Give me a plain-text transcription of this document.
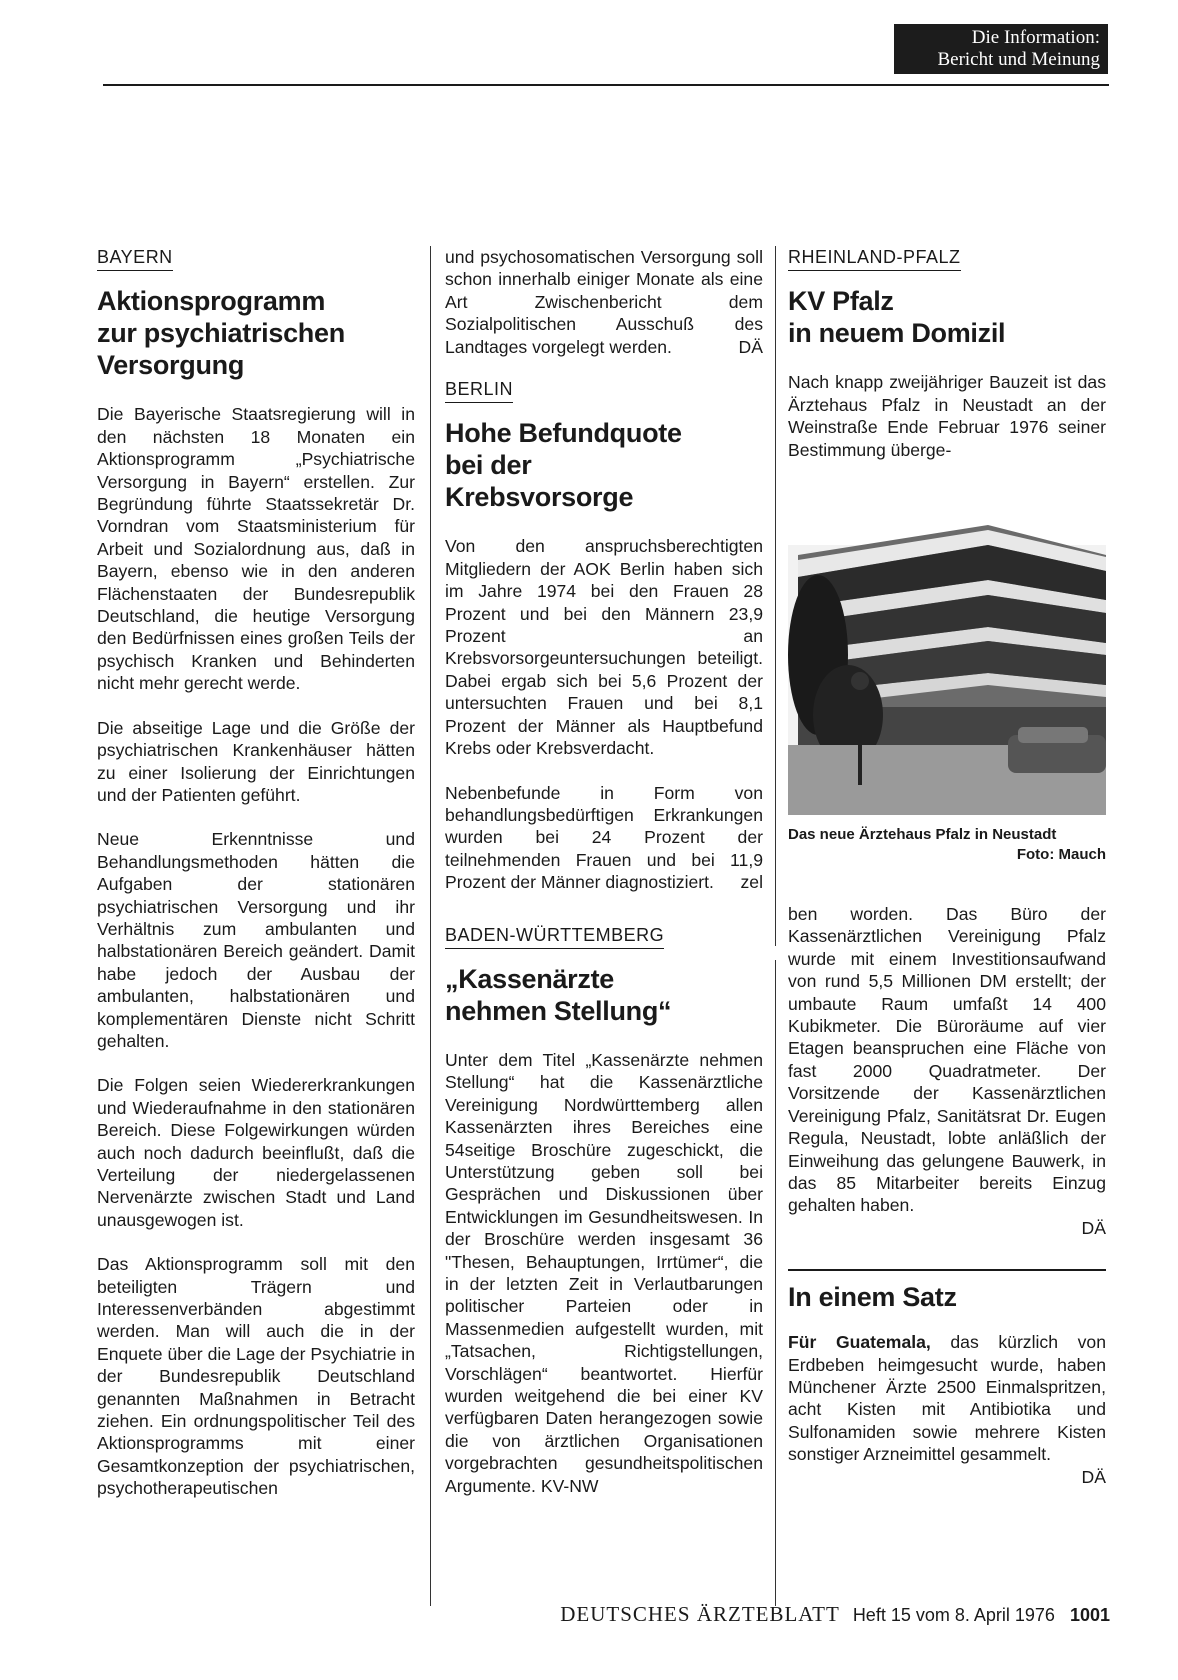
Die Information:
Bericht und Meinung
BAYERN
Aktionsprogramm
zur psychiatrischen
Versorgung

Die Bayerische Staatsregierung will in den nächsten 18 Monaten ein Aktionsprogramm „Psychiatrische Versorgung in Bayern“ erstellen. Zur Begründung führte Staatssekretär Dr. Vorndran vom Staatsministerium für Arbeit und Sozialordnung aus, daß in Bayern, ebenso wie in den anderen Flächenstaaten der Bundesrepublik Deutschland, die heutige Versorgung den Bedürfnissen eines großen Teils der psychisch Kranken und Behinderten nicht mehr gerecht werde.

Die abseitige Lage und die Größe der psychiatrischen Krankenhäuser hätten zu einer Isolierung der Einrichtungen und der Patienten geführt.

Neue Erkenntnisse und Behandlungsmethoden hätten die Aufgaben der stationären psychiatrischen Versorgung und ihr Verhältnis zum ambulanten und halbstationären Bereich geändert. Damit habe jedoch der Ausbau der ambulanten, halbstationären und komplementären Dienste nicht Schritt gehalten.

Die Folgen seien Wiedererkrankungen und Wiederaufnahme in den stationären Bereich. Diese Folgewirkungen würden auch noch dadurch beeinflußt, daß die Verteilung der niedergelassenen Nervenärzte zwischen Stadt und Land unausgewogen ist.

Das Aktionsprogramm soll mit den beteiligten Trägern und Interessenverbänden abgestimmt werden. Man will auch die in der Enquete über die Lage der Psychiatrie in der Bundesrepublik Deutschland genannten Maßnahmen in Betracht ziehen. Ein ordnungspolitischer Teil des Aktionsprogramms mit einer Gesamtkonzeption der psychiatrischen, psychotherapeutischen

und psychosomatischen Versorgung soll schon innerhalb einiger Monate als eine Art Zwischenbericht dem Sozialpolitischen Ausschuß des Landtages vorgelegt werden.	DÄ

BERLIN
Hohe Befundquote
bei der
Krebsvorsorge

Von den anspruchsberechtigten Mitgliedern der AOK Berlin haben sich im Jahre 1974 bei den Frauen 28 Prozent und bei den Männern 23,9 Prozent an Krebsvorsorgeuntersuchungen beteiligt. Dabei ergab sich bei 5,6 Prozent der untersuchten Frauen und bei 8,1 Prozent der Männer als Hauptbefund Krebs oder Krebsverdacht.

Nebenbefunde in Form von behandlungsbedürftigen Erkrankungen wurden bei 24 Prozent der teilnehmenden Frauen und bei 11,9 Prozent der Männer diagnostiziert. zel

BADEN-WÜRTTEMBERG
„Kassenärzte
nehmen Stellung“

Unter dem Titel „Kassenärzte nehmen Stellung“ hat die Kassenärztliche Vereinigung Nordwürttemberg allen Kassenärzten ihres Bereiches eine 54seitige Broschüre zugeschickt, die Unterstützung geben soll bei Gesprächen und Diskussionen über Entwicklungen im Gesundheitswesen. In der Broschüre werden insgesamt 36 "Thesen, Behauptungen, Irrtümer“, die in der letzten Zeit in Verlautbarungen politischer Parteien oder in Massenmedien aufgestellt wurden, mit „Tatsachen, Richtigstellungen, Vorschlägen“ beantwortet. Hierfür wurden weitgehend die bei einer KV verfügbaren Daten herangezogen sowie die von ärztlichen Organisationen vorgebrachten gesundheitspolitischen Argumente. KV-NW

RHEINLAND-PFALZ
KV Pfalz
in neuem Domizil

Nach knapp zweijähriger Bauzeit ist das Ärztehaus Pfalz in Neustadt an der Weinstraße Ende Februar 1976 seiner Bestimmung überge-

Das neue Ärztehaus Pfalz in Neustadt
Foto: Mauch

ben worden. Das Büro der Kassenärztlichen Vereinigung Pfalz wurde mit einem Investitionsaufwand von rund 5,5 Millionen DM erstellt; der umbaute Raum umfaßt 14 400 Kubikmeter. Die Büroräume auf vier Etagen beanspruchen eine Fläche von fast 2000 Quadratmeter. Der Vorsitzende der Kassenärztlichen Vereinigung Pfalz, Sanitätsrat Dr. Eugen Regula, Neustadt, lobte anläßlich der Einweihung das gelungene Bauwerk, in das 85 Mitarbeiter bereits Einzug gehalten haben.

DÄ
In einem Satz

Für Guatemala, das kürzlich von Erdbeben heimgesucht wurde, haben Münchener Ärzte 2500 Einmalspritzen, acht Kisten mit Antibiotika und Sulfonamiden sowie mehrere Kisten sonstiger Arzneimittel gesammelt.

DÄ
DEUTSCHES ÄRZTEBLATT Heft 15 vom 8. April 1976 1001
